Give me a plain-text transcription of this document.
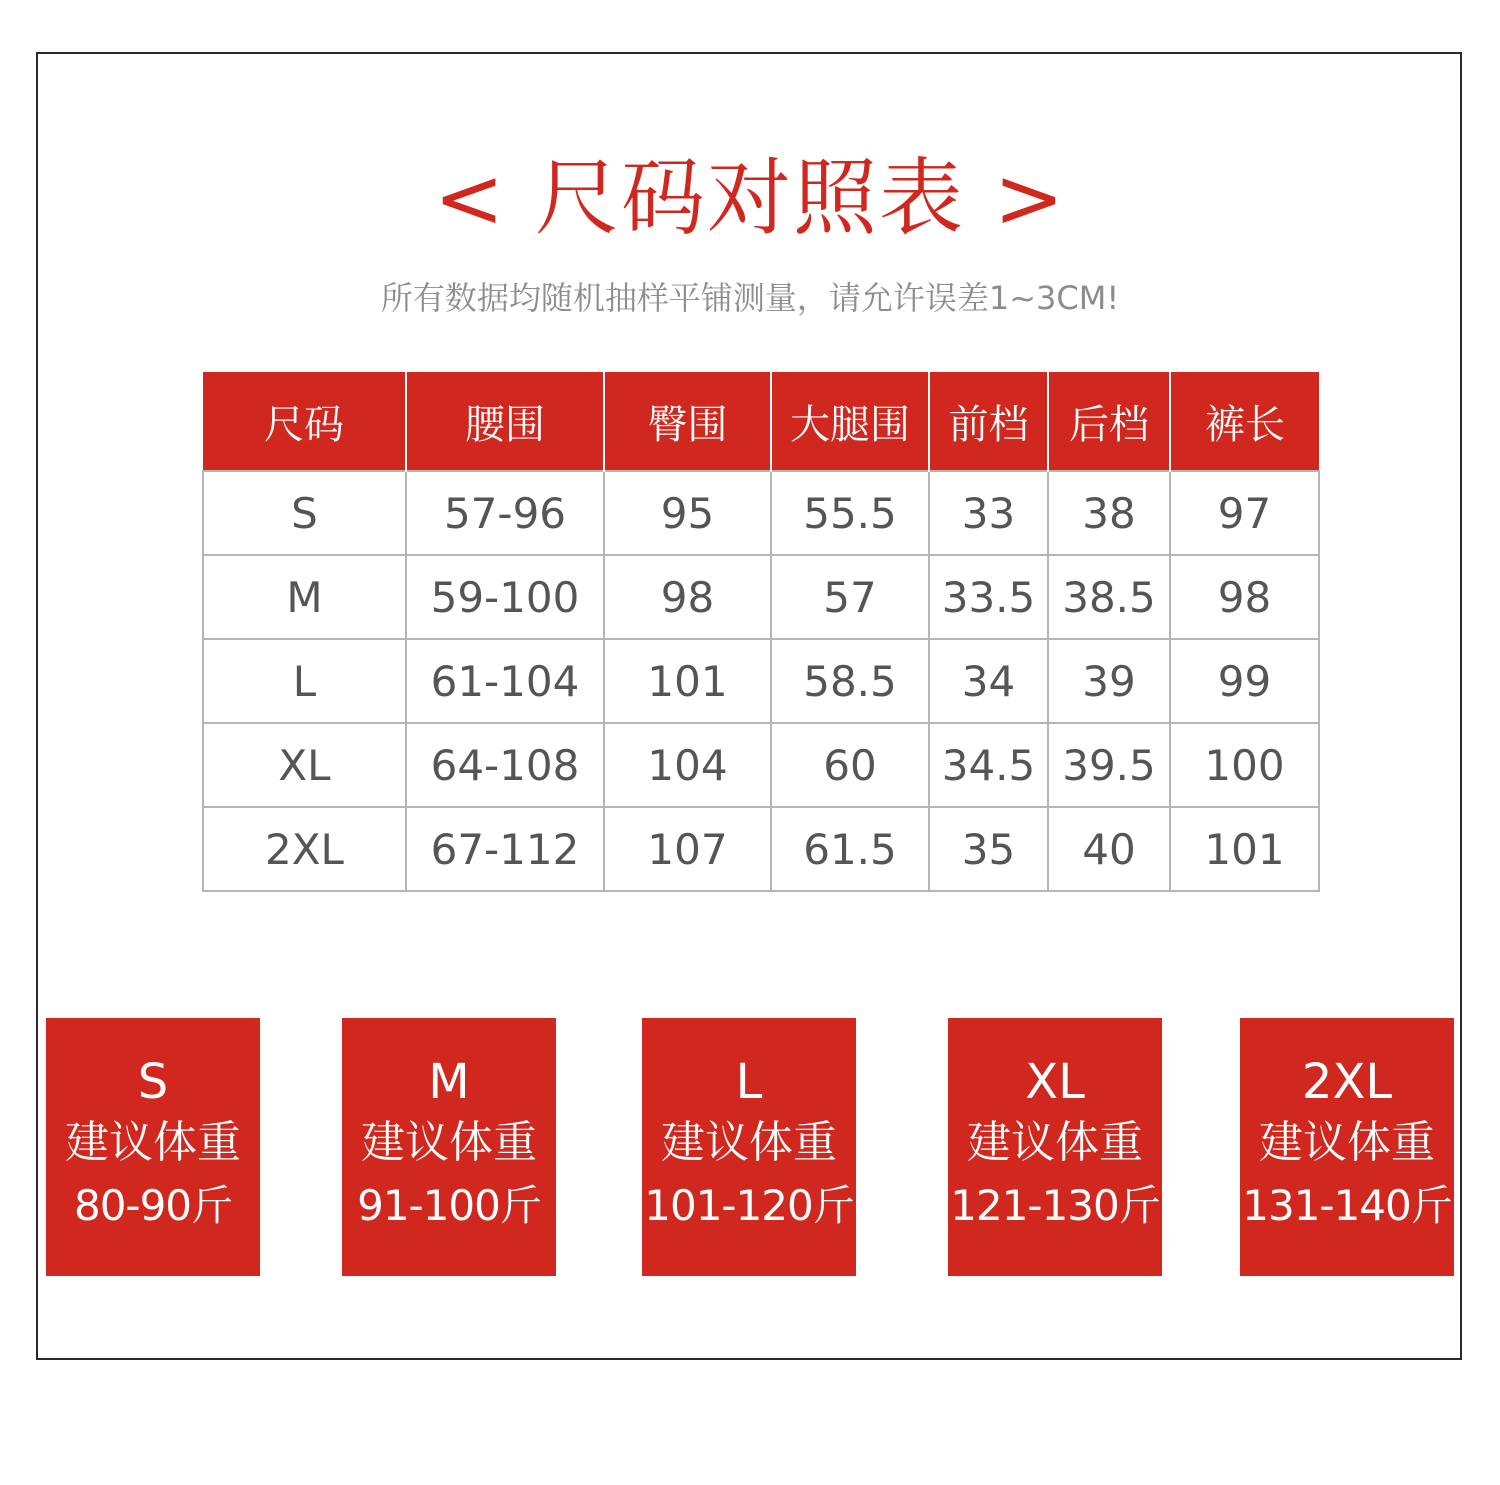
< 尺码对照表 >
所有数据均随机抽样平铺测量，请允许误差1~3CM!
尺码	腰围	臀围	大腿围	前档	后档	裤长
S	57-96	95	55.5	33	38	97
M	59-100	98	57	33.5	38.5	98
L	61-104	101	58.5	34	39	99
XL	64-108	104	60	34.5	39.5	100
2XL	67-112	107	61.5	35	40	101
S
建议体重
80-90斤
M
建议体重
91-100斤
L
建议体重
101-120斤
XL
建议体重
121-130斤
2XL
建议体重
131-140斤
